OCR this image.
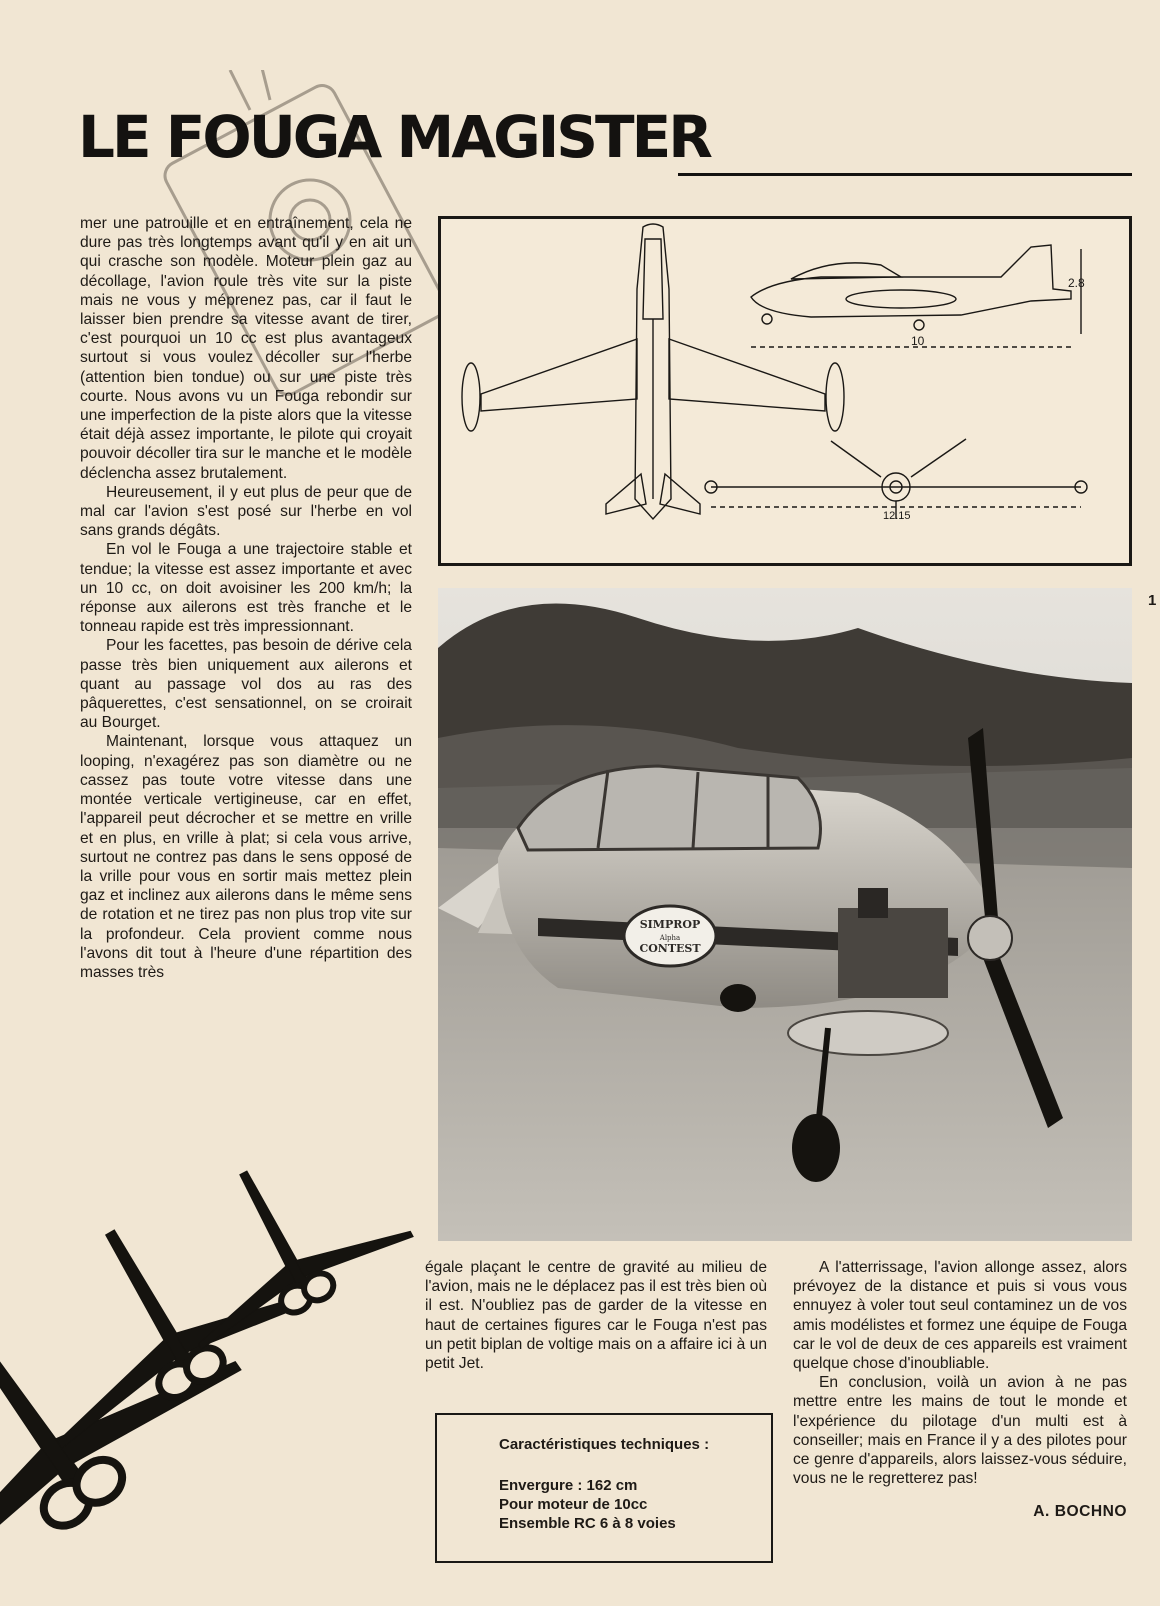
LE FOUGA MAGISTER

mer une patrouille et en entraînement, cela ne dure pas très longtemps avant qu'il y en ait un qui crasche son modèle. Moteur plein gaz au décollage, l'avion roule très vite sur la piste mais ne vous y méprenez pas, car il faut le laisser bien prendre sa vitesse avant de tirer, c'est pourquoi un 10 cc est plus avantageux surtout si vous voulez décoller sur l'herbe (attention bien tondue) ou sur une piste très courte. Nous avons vu un Fouga rebondir sur une imperfection de la piste alors que la vitesse était déjà assez importante, le pilote qui croyait pouvoir décoller tira sur le manche et le modèle déclencha assez brutalement.

Heureusement, il y eut plus de peur que de mal car l'avion s'est posé sur l'herbe en vol sans grands dégâts.

En vol le Fouga a une trajectoire stable et tendue; la vitesse est assez importante et avec un 10 cc, on doit avoisiner les 200 km/h; la réponse aux ailerons est très franche et le tonneau rapide est très impressionnant.

Pour les facettes, pas besoin de dérive cela passe très bien uniquement aux ailerons et quant au passage vol dos au ras des pâquerettes, c'est sensationnel, on se croirait au Bourget.

Maintenant, lorsque vous attaquez un looping, n'exagérez pas son diamètre ou ne cassez pas toute votre vitesse dans une montée verticale vertigineuse, car en effet, l'appareil peut décrocher et se mettre en vrille et en plus, en vrille à plat; si cela vous arrive, surtout ne contrez pas dans le sens opposé de la vrille pour vous en sortir mais mettez plein gaz et inclinez aux ailerons dans le même sens de rotation et ne tirez pas non plus trop vite sur la profondeur. Cela provient comme nous l'avons dit tout à l'heure d'une répartition des masses très

2.8
10
12.15
SIMPROP
Alpha
CONTEST
1

égale plaçant le centre de gravité au milieu de l'avion, mais ne le déplacez pas il est très bien où il est. N'oubliez pas de garder de la vitesse en haut de certaines figures car le Fouga n'est pas un petit biplan de voltige mais on a affaire ici à un petit Jet.

Caractéristiques techniques :
Envergure : 162 cm
Pour moteur de 10cc
Ensemble RC 6 à 8 voies

A l'atterrissage, l'avion allonge assez, alors prévoyez de la distance et puis si vous vous ennuyez à voler tout seul contaminez un de vos amis modélistes et formez une équipe de Fouga car le vol de deux de ces appareils est vraiment quelque chose d'inoubliable.

En conclusion, voilà un avion à ne pas mettre entre les mains de tout le monde et l'expérience du pilotage d'un multi est à conseiller; mais en France il y a des pilotes pour ce genre d'appareils, alors laissez-vous séduire, vous ne le regretterez pas!

A. BOCHNO
